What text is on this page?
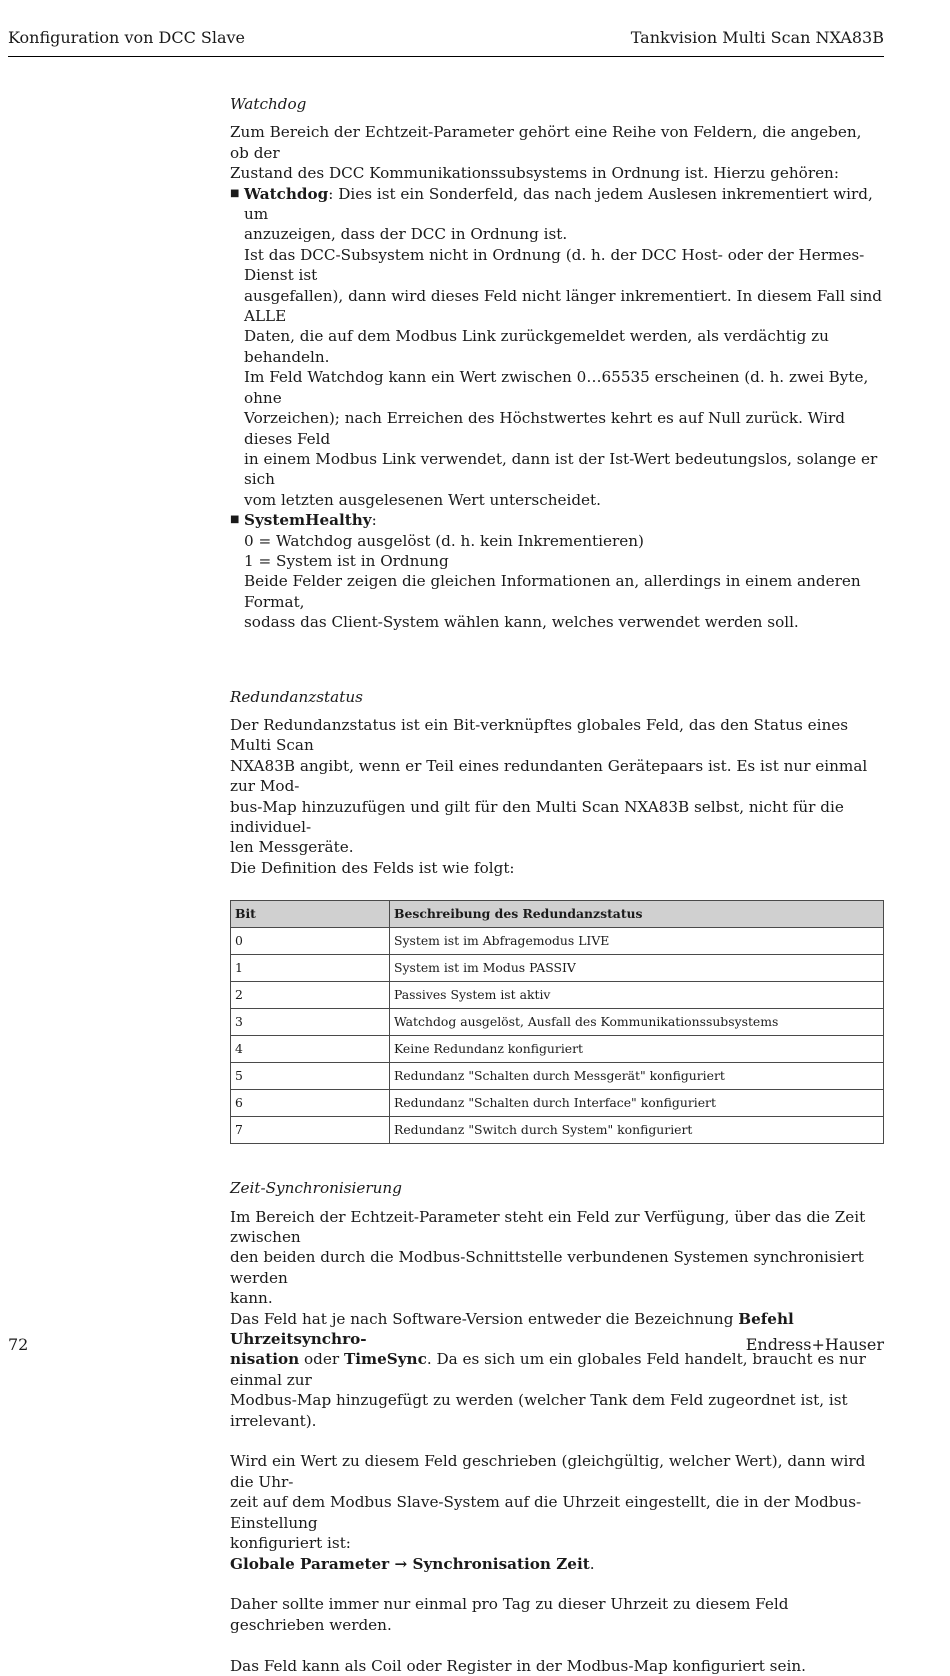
Konfiguration von DCC Slave	Tankvision Multi Scan NXA83B
Watchdog

Zum Bereich der Echtzeit-Parameter gehört eine Reihe von Feldern, die angeben, ob der
Zustand des DCC Kommunikationssubsystems in Ordnung ist. Hierzu gehören:

■ Watchdog: Dies ist ein Sonderfeld, das nach jedem Auslesen inkrementiert wird, um
anzuzeigen, dass der DCC in Ordnung ist.
Ist das DCC-Subsystem nicht in Ordnung (d. h. der DCC Host- oder der Hermes-Dienst ist
ausgefallen), dann wird dieses Feld nicht länger inkrementiert. In diesem Fall sind ALLE
Daten, die auf dem Modbus Link zurückgemeldet werden, als verdächtig zu behandeln.
Im Feld Watchdog kann ein Wert zwischen 0…65535 erscheinen (d. h. zwei Byte, ohne
Vorzeichen); nach Erreichen des Höchstwertes kehrt es auf Null zurück. Wird dieses Feld
in einem Modbus Link verwendet, dann ist der Ist-Wert bedeutungslos, solange er sich
vom letzten ausgelesenen Wert unterscheidet.
■ SystemHealthy:
0 = Watchdog ausgelöst (d. h. kein Inkrementieren)
1 = System ist in Ordnung
Beide Felder zeigen die gleichen Informationen an, allerdings in einem anderen Format,
sodass das Client-System wählen kann, welches verwendet werden soll.
Redundanzstatus

Der Redundanzstatus ist ein Bit-verknüpftes globales Feld, das den Status eines Multi Scan
NXA83B angibt, wenn er Teil eines redundanten Gerätepaars ist. Es ist nur einmal zur Mod-
bus-Map hinzuzufügen und gilt für den Multi Scan NXA83B selbst, nicht für die individuel-
len Messgeräte.
Die Definition des Felds ist wie folgt:

Bit	Beschreibung des Redundanzstatus
0	System ist im Abfragemodus LIVE
1	System ist im Modus PASSIV
2	Passives System ist aktiv
3	Watchdog ausgelöst, Ausfall des Kommunikationssubsystems
4	Keine Redundanz konfiguriert
5	Redundanz "Schalten durch Messgerät" konfiguriert
6	Redundanz "Schalten durch Interface" konfiguriert
7	Redundanz "Switch durch System" konfiguriert
Zeit-Synchronisierung

Im Bereich der Echtzeit-Parameter steht ein Feld zur Verfügung, über das die Zeit zwischen
den beiden durch die Modbus-Schnittstelle verbundenen Systemen synchronisiert werden
kann.

Das Feld hat je nach Software-Version entweder die Bezeichnung Befehl Uhrzeitsynchro-
nisation oder TimeSync. Da es sich um ein globales Feld handelt, braucht es nur einmal zur
Modbus-Map hinzugefügt zu werden (welcher Tank dem Feld zugeordnet ist, ist irrelevant).

Wird ein Wert zu diesem Feld geschrieben (gleichgültig, welcher Wert), dann wird die Uhr-
zeit auf dem Modbus Slave-System auf die Uhrzeit eingestellt, die in der Modbus-Einstellung
konfiguriert ist:
Globale Parameter → Synchronisation Zeit.

Daher sollte immer nur einmal pro Tag zu dieser Uhrzeit zu diesem Feld geschrieben werden.

Das Feld kann als Coil oder Register in der Modbus-Map konfiguriert sein.

72	Endress+Hauser
